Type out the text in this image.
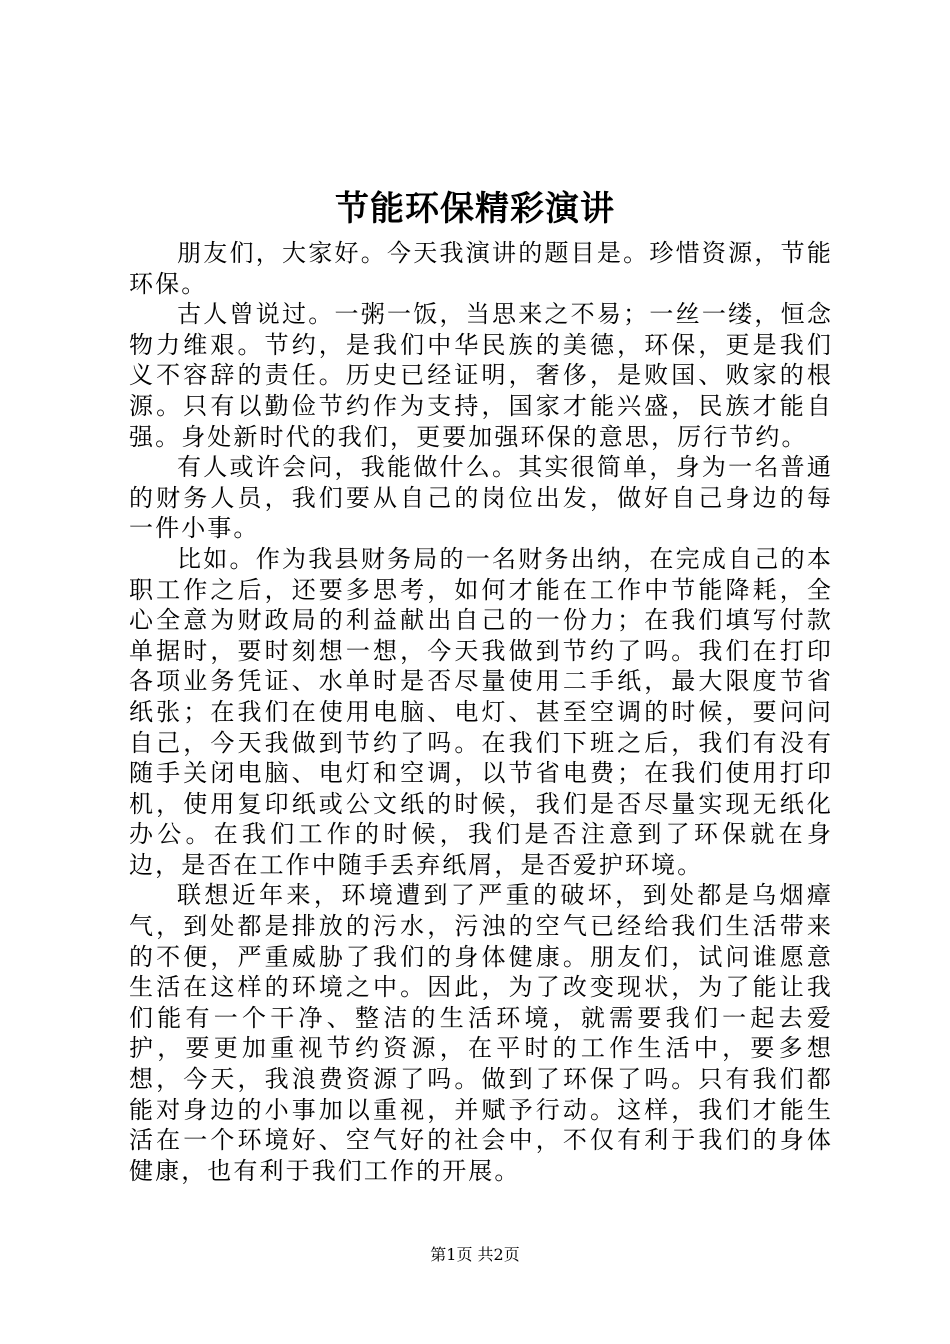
节能环保精彩演讲

朋友们，大家好。今天我演讲的题目是。珍惜资源，节能环保。

古人曾说过。一粥一饭，当思来之不易；一丝一缕，恒念物力维艰。节约，是我们中华民族的美德，环保，更是我们义不容辞的责任。历史已经证明，奢侈，是败国、败家的根源。只有以勤俭节约作为支持，国家才能兴盛，民族才能自强。身处新时代的我们，更要加强环保的意思，厉行节约。

有人或许会问，我能做什么。其实很简单，身为一名普通的财务人员，我们要从自己的岗位出发，做好自己身边的每一件小事。

比如。作为我县财务局的一名财务出纳，在完成自己的本职工作之后，还要多思考，如何才能在工作中节能降耗，全心全意为财政局的利益献出自己的一份力；在我们填写付款单据时，要时刻想一想，今天我做到节约了吗。我们在打印各项业务凭证、水单时是否尽量使用二手纸，最大限度节省纸张；在我们在使用电脑、电灯、甚至空调的时候，要问问自己，今天我做到节约了吗。在我们下班之后，我们有没有随手关闭电脑、电灯和空调，以节省电费；在我们使用打印机，使用复印纸或公文纸的时候，我们是否尽量实现无纸化办公。在我们工作的时候，我们是否注意到了环保就在身边，是否在工作中随手丢弃纸屑，是否爱护环境。

联想近年来，环境遭到了严重的破坏，到处都是乌烟瘴气，到处都是排放的污水，污浊的空气已经给我们生活带来的不便，严重威胁了我们的身体健康。朋友们，试问谁愿意生活在这样的环境之中。因此，为了改变现状，为了能让我们能有一个干净、整洁的生活环境，就需要我们一起去爱护，要更加重视节约资源，在平时的工作生活中，要多想想，今天，我浪费资源了吗。做到了环保了吗。只有我们都能对身边的小事加以重视，并赋予行动。这样，我们才能生活在一个环境好、空气好的社会中，不仅有利于我们的身体健康，也有利于我们工作的开展。

第1页 共2页
